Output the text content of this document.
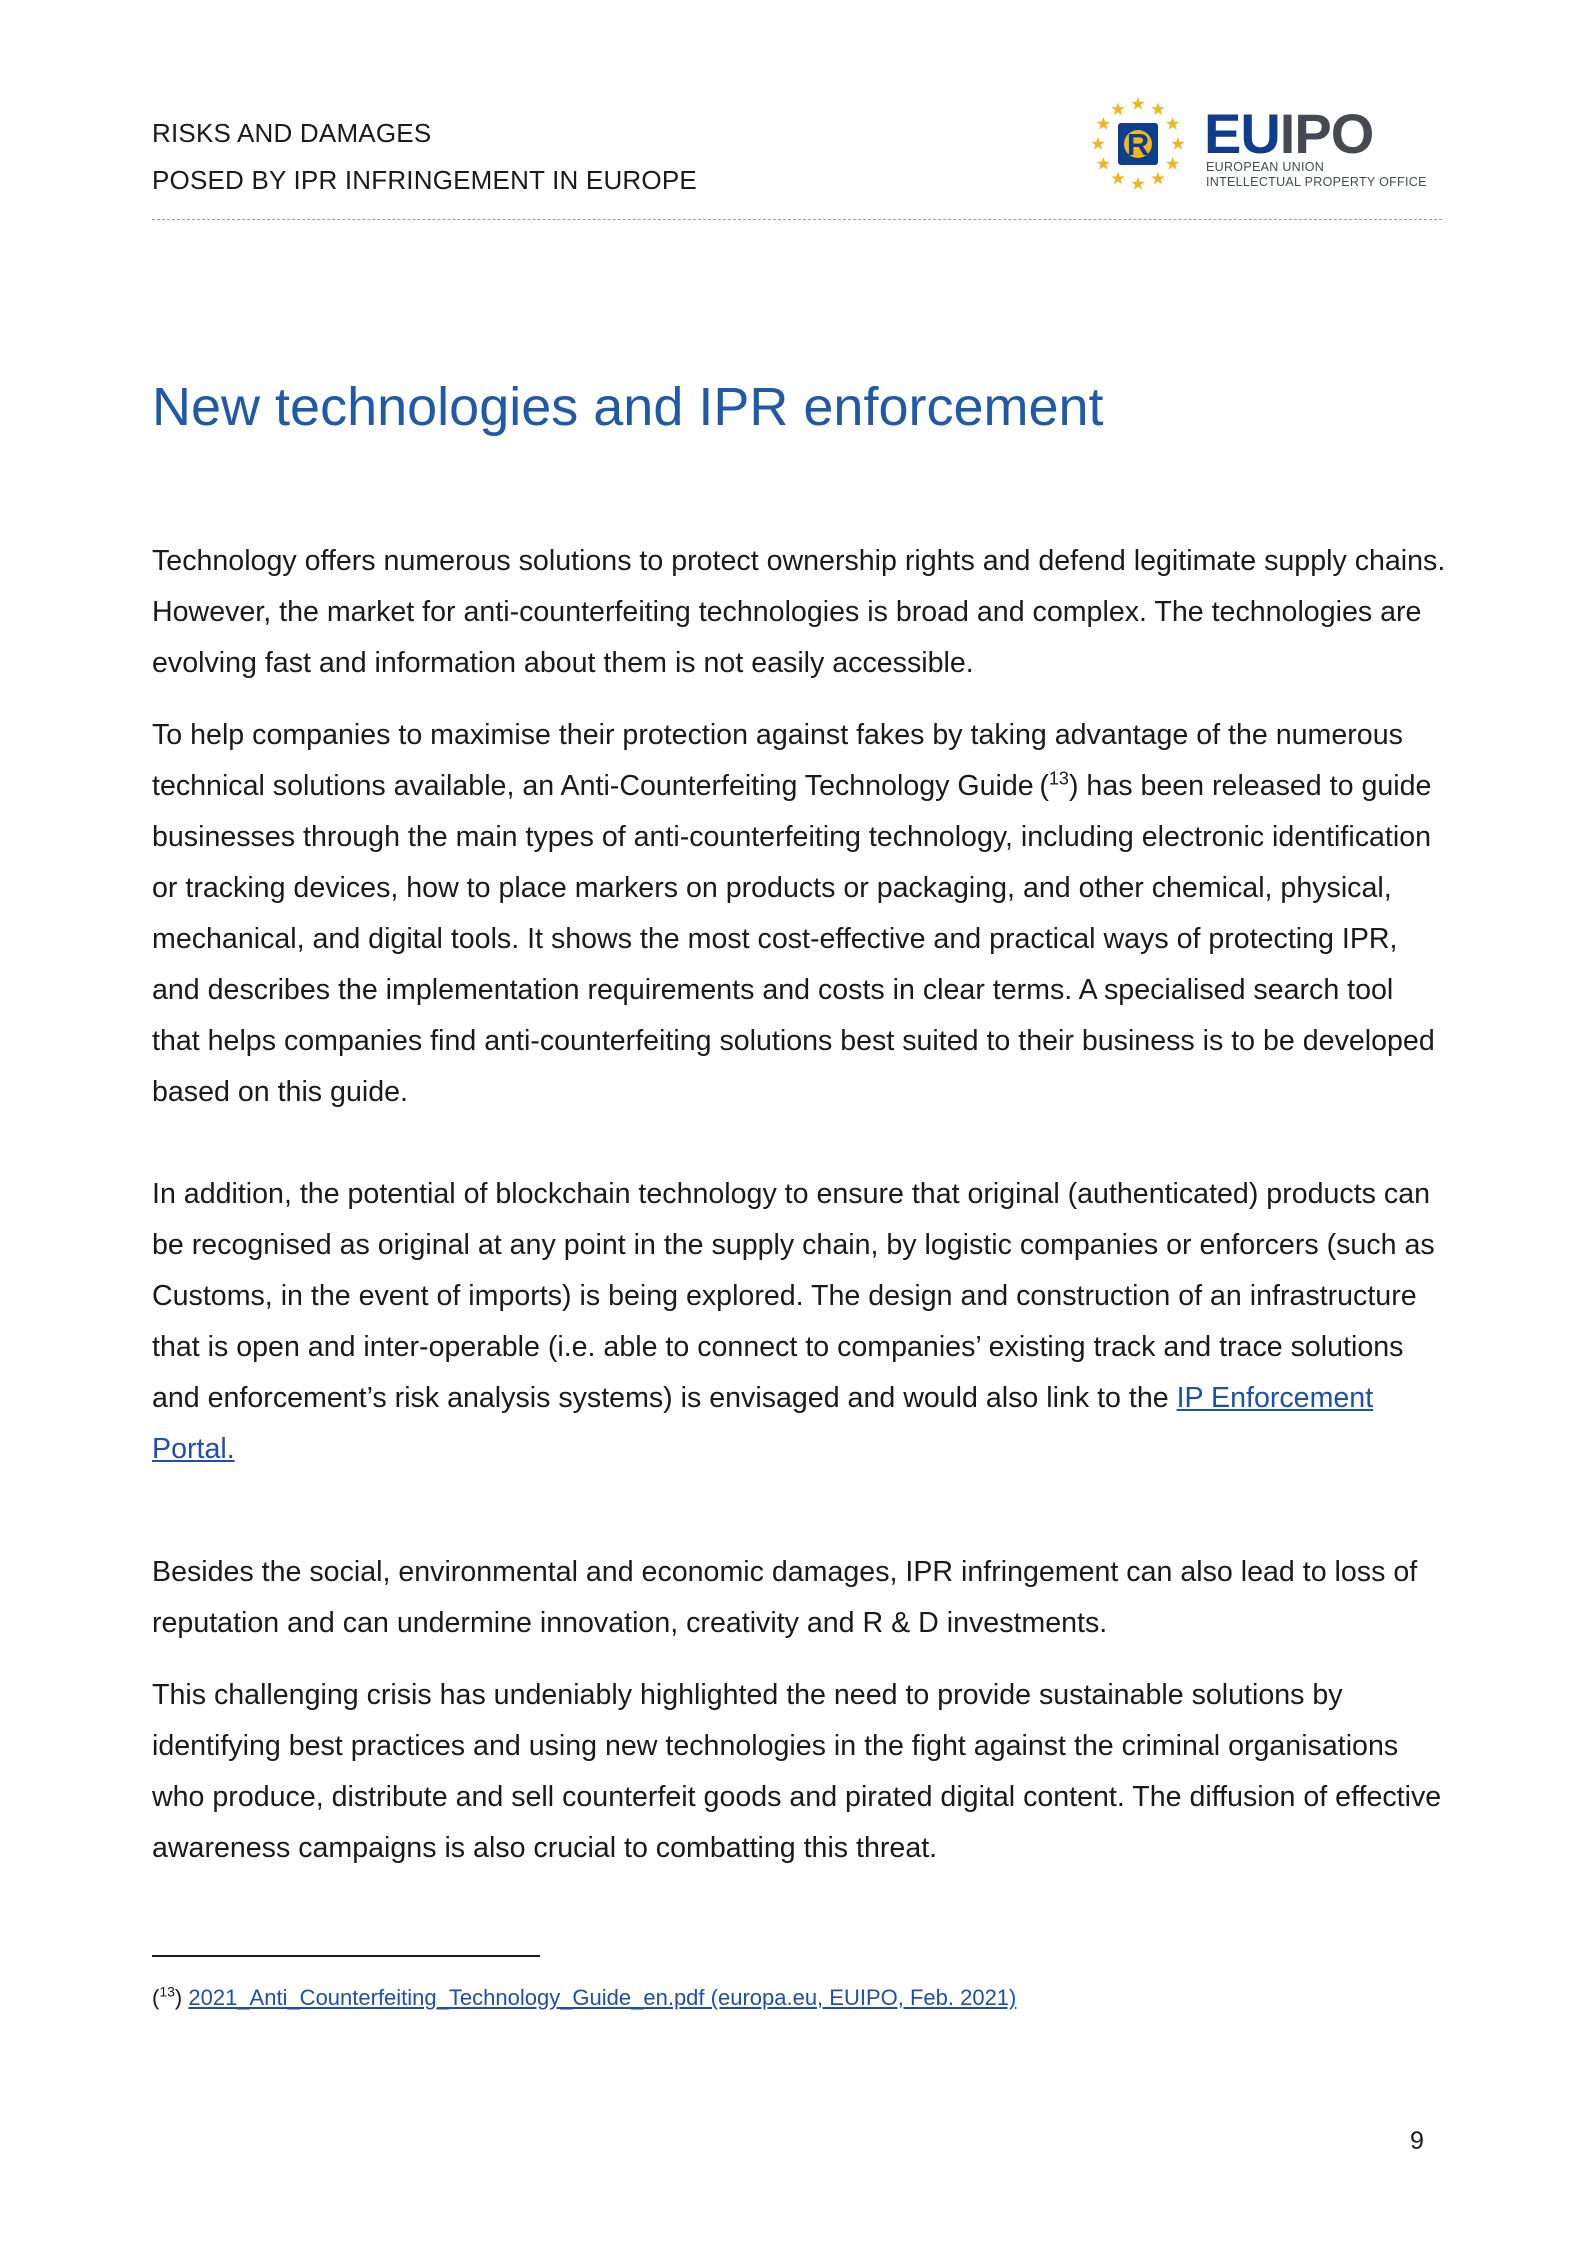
RISKS AND DAMAGES
POSED BY IPR INFRINGEMENT IN EUROPE
R EUIPO
EUROPEAN UNION
INTELLECTUAL PROPERTY OFFICE
New technologies and IPR enforcement

Technology offers numerous solutions to protect ownership rights and defend legitimate supply chains. However, the market for anti-counterfeiting technologies is broad and complex. The technologies are evolving fast and information about them is not easily accessible.

To help companies to maximise their protection against fakes by taking advantage of the numerous technical solutions available, an Anti-Counterfeiting Technology Guide ($^{13}$) has been released to guide businesses through the main types of anti-counterfeiting technology, including electronic identification or tracking devices, how to place markers on products or packaging, and other chemical, physical, mechanical, and digital tools. It shows the most cost-effective and practical ways of protecting IPR, and describes the implementation requirements and costs in clear terms. A specialised search tool that helps companies find anti-counterfeiting solutions best suited to their business is to be developed based on this guide.

In addition, the potential of blockchain technology to ensure that original (authenticated) products can be recognised as original at any point in the supply chain, by logistic companies or enforcers (such as Customs, in the event of imports) is being explored. The design and construction of an infrastructure that is open and inter-operable (i.e. able to connect to companies’ existing track and trace solutions and enforcement’s risk analysis systems) is envisaged and would also link to the IP Enforcement Portal.

Besides the social, environmental and economic damages, IPR infringement can also lead to loss of reputation and can undermine innovation, creativity and R & D investments.

This challenging crisis has undeniably highlighted the need to provide sustainable solutions by identifying best practices and using new technologies in the fight against the criminal organisations who produce, distribute and sell counterfeit goods and pirated digital content. The diffusion of effective awareness campaigns is also crucial to combatting this threat.

($^{13}$) 2021_Anti_Counterfeiting_Technology_Guide_en.pdf (europa.eu, EUIPO, Feb. 2021)
9
